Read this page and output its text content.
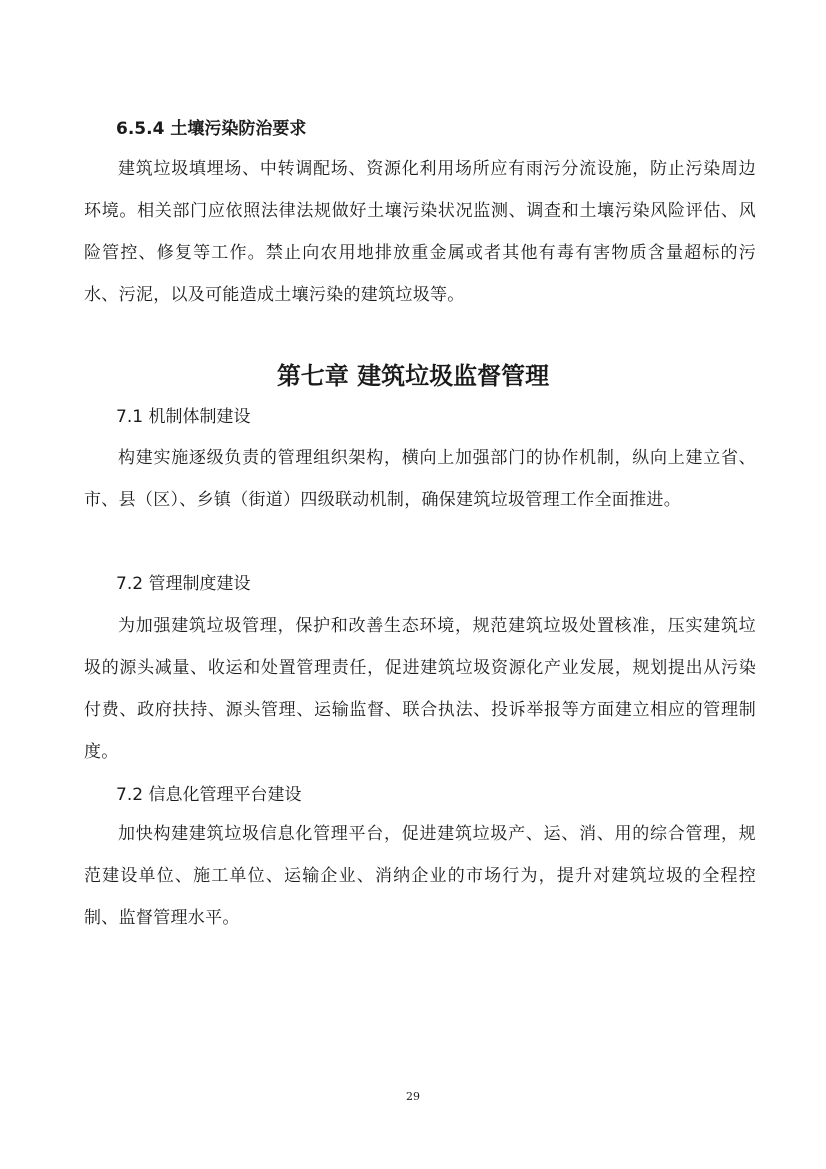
6.5.4 土壤污染防治要求

建筑垃圾填埋场、中转调配场、资源化利用场所应有雨污分流设施，防止污染周边环境。相关部门应依照法律法规做好土壤污染状况监测、调查和土壤污染风险评估、风险管控、修复等工作。禁止向农用地排放重金属或者其他有毒有害物质含量超标的污水、污泥，以及可能造成土壤污染的建筑垃圾等。

第七章 建筑垃圾监督管理
7.1 机制体制建设

构建实施逐级负责的管理组织架构，横向上加强部门的协作机制，纵向上建立省、市、县（区）、乡镇（街道）四级联动机制，确保建筑垃圾管理工作全面推进。

7.2 管理制度建设

为加强建筑垃圾管理，保护和改善生态环境，规范建筑垃圾处置核准，压实建筑垃圾的源头减量、收运和处置管理责任，促进建筑垃圾资源化产业发展，规划提出从污染付费、政府扶持、源头管理、运输监督、联合执法、投诉举报等方面建立相应的管理制度。

7.2 信息化管理平台建设

加快构建建筑垃圾信息化管理平台，促进建筑垃圾产、运、消、用的综合管理，规范建设单位、施工单位、运输企业、消纳企业的市场行为，提升对建筑垃圾的全程控制、监督管理水平。

29
